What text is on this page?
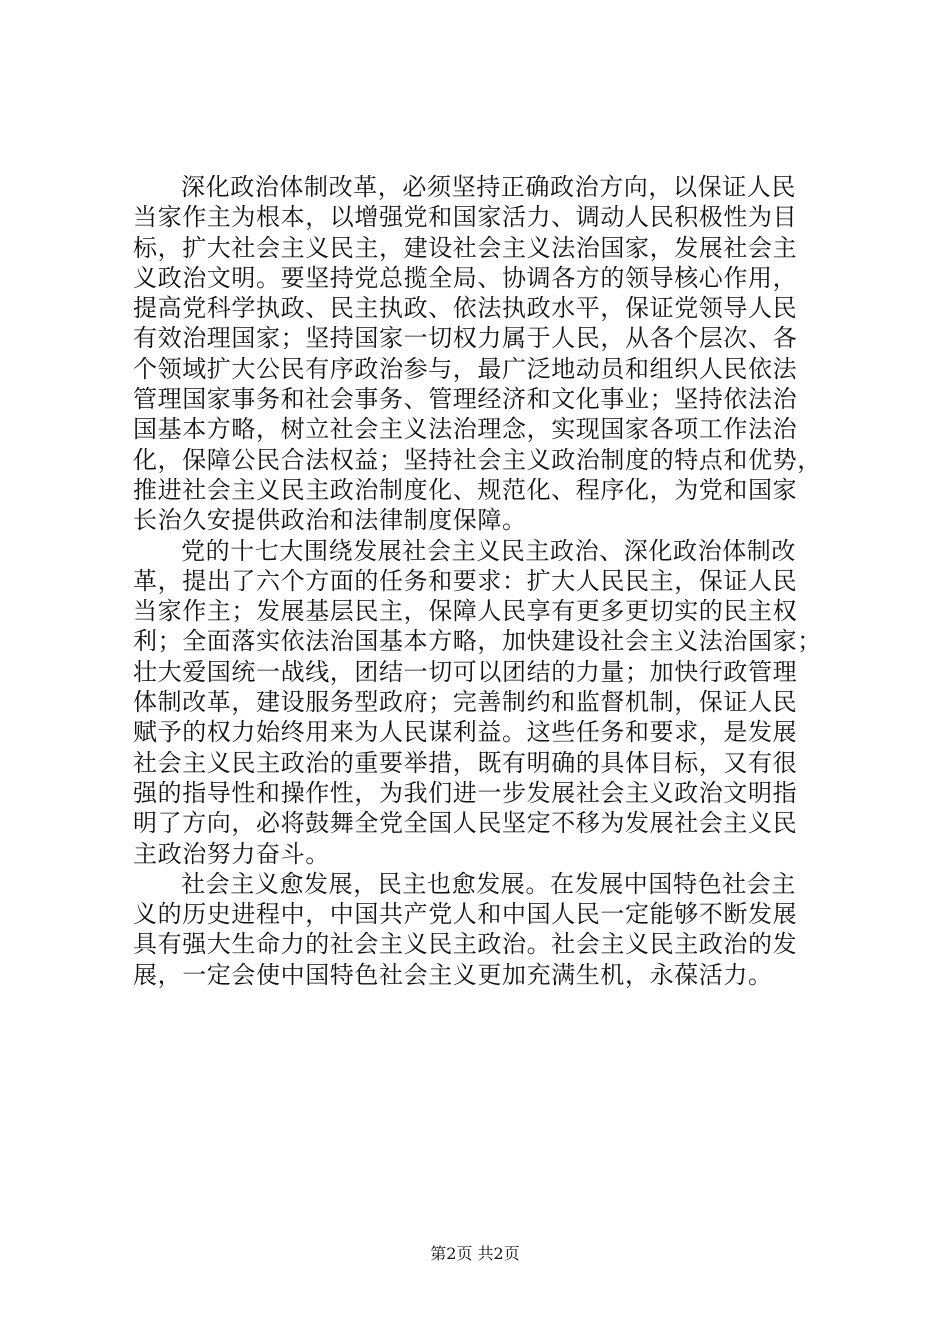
深化政治体制改革，必须坚持正确政治方向，以保证人民
当家作主为根本，以增强党和国家活力、调动人民积极性为目
标，扩大社会主义民主，建设社会主义法治国家，发展社会主
义政治文明。要坚持党总揽全局、协调各方的领导核心作用，
提高党科学执政、民主执政、依法执政水平，保证党领导人民
有效治理国家；坚持国家一切权力属于人民，从各个层次、各
个领域扩大公民有序政治参与，最广泛地动员和组织人民依法
管理国家事务和社会事务、管理经济和文化事业；坚持依法治
国基本方略，树立社会主义法治理念，实现国家各项工作法治
化，保障公民合法权益；坚持社会主义政治制度的特点和优势，
推进社会主义民主政治制度化、规范化、程序化，为党和国家
长治久安提供政治和法律制度保障。
党的十七大围绕发展社会主义民主政治、深化政治体制改
革，提出了六个方面的任务和要求：扩大人民民主，保证人民
当家作主；发展基层民主，保障人民享有更多更切实的民主权
利；全面落实依法治国基本方略，加快建设社会主义法治国家；
壮大爱国统一战线，团结一切可以团结的力量；加快行政管理
体制改革，建设服务型政府；完善制约和监督机制，保证人民
赋予的权力始终用来为人民谋利益。这些任务和要求，是发展
社会主义民主政治的重要举措，既有明确的具体目标，又有很
强的指导性和操作性，为我们进一步发展社会主义政治文明指
明了方向，必将鼓舞全党全国人民坚定不移为发展社会主义民
主政治努力奋斗。
社会主义愈发展，民主也愈发展。在发展中国特色社会主
义的历史进程中，中国共产党人和中国人民一定能够不断发展
具有强大生命力的社会主义民主政治。社会主义民主政治的发
展，一定会使中国特色社会主义更加充满生机，永葆活力。
第2页 共2页
